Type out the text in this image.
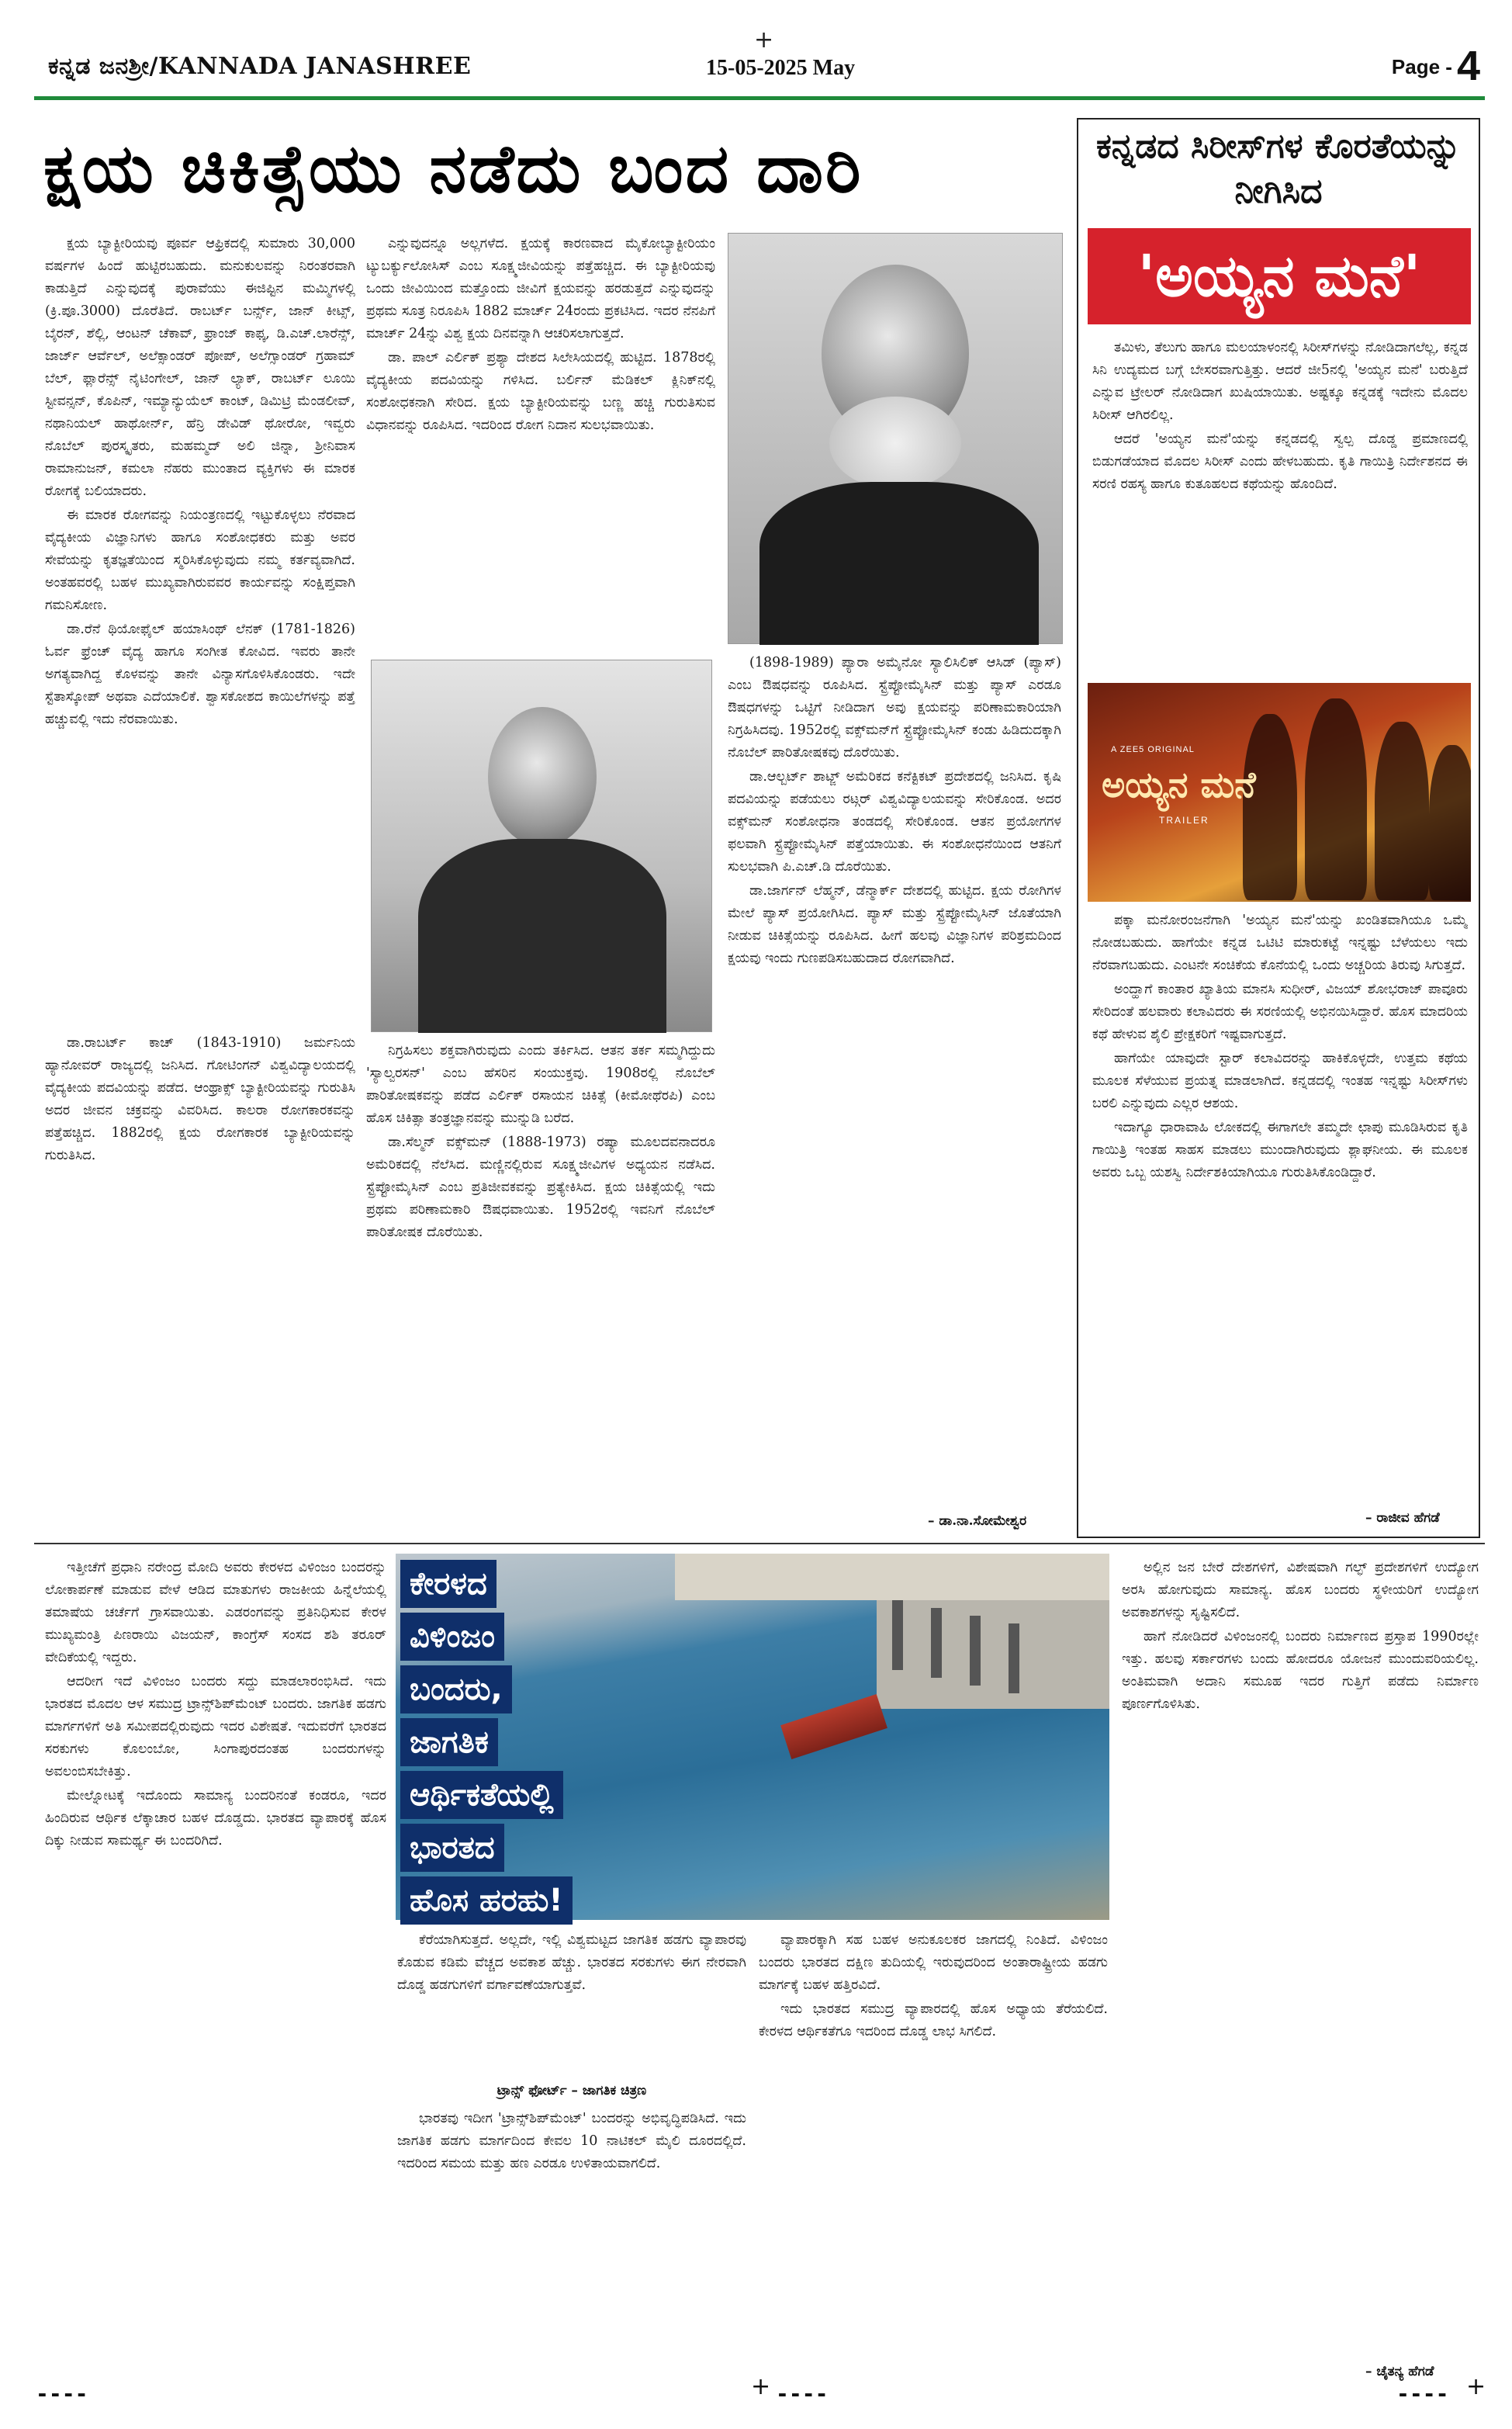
+
ಕನ್ನಡ ಜನಶ್ರೀ/KANNADA JANASHREE	15-05-2025 May	Page - 4
ಕ್ಷಯ ಚಿಕಿತ್ಸೆಯು ನಡೆದು ಬಂದ ದಾರಿ

ಕ್ಷಯ ಬ್ಯಾಕ್ಟೀರಿಯವು ಪೂರ್ವ ಆಫ್ರಿಕದಲ್ಲಿ ಸುಮಾರು 30,000 ವರ್ಷಗಳ ಹಿಂದೆ ಹುಟ್ಟಿರಬಹುದು. ಮನುಕುಲವನ್ನು ನಿರಂತರವಾಗಿ ಕಾಡುತ್ತಿದೆ ಎನ್ನುವುದಕ್ಕೆ ಪುರಾವೆಯು ಈಜಿಪ್ಟಿನ ಮಮ್ಮಿಗಳಲ್ಲಿ (ಕ್ರಿ.ಪೂ.3000) ದೊರೆತಿದೆ. ರಾಬರ್ಟ್ ಬರ್ನ್ಸ್, ಜಾನ್ ಕೀಟ್ಸ್, ಬೈರನ್, ಶೆಲ್ಲಿ, ಆಂಟನ್ ಚೆಕಾವ್, ಫ್ರಾಂಜ್ ಕಾಫ್ಕ, ಡಿ.ಎಚ್.ಲಾರೆನ್ಸ್, ಜಾರ್ಜ್ ಆರ್ವೆಲ್, ಅಲೆಕ್ಸಾಂಡರ್ ಪೋಪ್, ಅಲೆಗ್ಸಾಂಡರ್ ಗ್ರಹಾಮ್ ಬೆಲ್, ಫ್ಲಾರೆನ್ಸ್ ನೈಟಿಂಗೇಲ್, ಜಾನ್ ಲ್ಯಾಕ್, ರಾಬರ್ಟ್ ಲೂಯಿ ಸ್ಟೀವನ್ಸನ್, ಕೊಪಿನ್, ಇಮ್ಯಾನ್ಯುಯೆಲ್ ಕಾಂಟ್, ಡಿಮಿಟ್ರಿ ಮೆಂಡಲೀವ್, ನಥಾನಿಯಲ್ ಹಾಥೋರ್ನ್, ಹೆನ್ರಿ ಡೇವಿಡ್ ಥೋರೋ, ಇವ್ವರು ನೊಬೆಲ್ ಪುರಸ್ಕೃತರು, ಮಹಮ್ಮದ್ ಅಲಿ ಜಿನ್ನಾ, ಶ್ರೀನಿವಾಸ ರಾಮಾನುಜನ್, ಕಮಲಾ ನೆಹರು ಮುಂತಾದ ವ್ಯಕ್ತಿಗಳು ಈ ಮಾರಕ ರೋಗಕ್ಕೆ ಬಲಿಯಾದರು.

ಈ ಮಾರಕ ರೋಗವನ್ನು ನಿಯಂತ್ರಣದಲ್ಲಿ ಇಟ್ಟುಕೊಳ್ಳಲು ನೆರವಾದ ವೈದ್ಯಕೀಯ ವಿಜ್ಞಾನಿಗಳು ಹಾಗೂ ಸಂಶೋಧಕರು ಮತ್ತು ಅವರ ಸೇವೆಯನ್ನು ಕೃತಜ್ಞತೆಯಿಂದ ಸ್ಮರಿಸಿಕೊಳ್ಳುವುದು ನಮ್ಮ ಕರ್ತವ್ಯವಾಗಿದೆ. ಅಂತಹವರಲ್ಲಿ ಬಹಳ ಮುಖ್ಯವಾಗಿರುವವರ ಕಾರ್ಯವನ್ನು ಸಂಕ್ಷಿಪ್ತವಾಗಿ ಗಮನಿಸೋಣ.

ಡಾ.ರೆನೆ ಥಿಯೋಫೈಲ್ ಹಯಾಸಿಂಥ್ ಲೆನಕ್ (1781-1826) ಓರ್ವ ಫ್ರೆಂಚ್ ವೈದ್ಯ ಹಾಗೂ ಸಂಗೀತ ಕೋವಿದ. ಇವರು ತಾನೇ ಅಗತ್ಯವಾಗಿದ್ದ ಕೊಳವನ್ನು ತಾನೇ ವಿನ್ಯಾಸಗೊಳಿಸಿಕೊಂಡರು. ಇದೇ ಸ್ಟೆತಾಸ್ಕೋಪ್ ಅಥವಾ ಎದೆಯಾಲಿಕೆ. ಶ್ವಾಸಕೋಶದ ಕಾಯಿಲೆಗಳನ್ನು ಪತ್ತೆ ಹಚ್ಚುವಲ್ಲಿ ಇದು ನೆರವಾಯಿತು.

ಡಾ.ರಾಬರ್ಟ್ ಕಾಚ್ (1843-1910) ಜರ್ಮನಿಯ ಹ್ಯಾನೋವರ್ ರಾಜ್ಯದಲ್ಲಿ ಜನಿಸಿದ. ಗೋಟಿಂಗನ್ ವಿಶ್ವವಿದ್ಯಾಲಯದಲ್ಲಿ ವೈದ್ಯಕೀಯ ಪದವಿಯನ್ನು ಪಡೆದ. ಆಂಥ್ರಾಕ್ಸ್ ಬ್ಯಾಕ್ಟೀರಿಯವನ್ನು ಗುರುತಿಸಿ ಅದರ ಜೀವನ ಚಕ್ರವನ್ನು ವಿವರಿಸಿದ. ಕಾಲರಾ ರೋಗಕಾರಕವನ್ನು ಪತ್ತೆಹಚ್ಚಿದ. 1882ರಲ್ಲಿ ಕ್ಷಯ ರೋಗಕಾರಕ ಬ್ಯಾಕ್ಟೀರಿಯವನ್ನು ಗುರುತಿಸಿದ.

ಎನ್ನುವುದನ್ನೂ ಅಲ್ಲಗಳೆದ. ಕ್ಷಯಕ್ಕೆ ಕಾರಣವಾದ ಮೈಕೋಬ್ಯಾಕ್ಟೀರಿಯಂ ಟ್ಯುಬರ್ಕ್ಯುಲೋಸಿಸ್ ಎಂಬ ಸೂಕ್ಷ್ಮಜೀವಿಯನ್ನು ಪತ್ತೆಹಚ್ಚಿದ. ಈ ಬ್ಯಾಕ್ಟೀರಿಯವು ಒಂದು ಜೀವಿಯಿಂದ ಮತ್ತೊಂದು ಜೀವಿಗೆ ಕ್ಷಯವನ್ನು ಹರಡುತ್ತದೆ ಎನ್ನುವುದನ್ನು ಪ್ರಥಮ ಸೂತ್ರ ನಿರೂಪಿಸಿ 1882 ಮಾರ್ಚ್ 24ರಂದು ಪ್ರಕಟಿಸಿದ. ಇದರ ನೆನಪಿಗೆ ಮಾರ್ಚ್ 24ನ್ನು ವಿಶ್ವ ಕ್ಷಯ ದಿನವನ್ನಾಗಿ ಆಚರಿಸಲಾಗುತ್ತದೆ.

ಡಾ. ಪಾಲ್ ಎರ್ಲಿಕ್ ಪ್ರಶ್ಯಾ ದೇಶದ ಸಿಲೇಸಿಯದಲ್ಲಿ ಹುಟ್ಟಿದ. 1878ರಲ್ಲಿ ವೈದ್ಯಕೀಯ ಪದವಿಯನ್ನು ಗಳಿಸಿದ. ಬರ್ಲಿನ್ ಮೆಡಿಕಲ್ ಕ್ಲಿನಿಕ್‌ನಲ್ಲಿ ಸಂಶೋಧಕನಾಗಿ ಸೇರಿದ. ಕ್ಷಯ ಬ್ಯಾಕ್ಟೀರಿಯವನ್ನು ಬಣ್ಣ ಹಚ್ಚಿ ಗುರುತಿಸುವ ವಿಧಾನವನ್ನು ರೂಪಿಸಿದ. ಇದರಿಂದ ರೋಗ ನಿದಾನ ಸುಲಭವಾಯಿತು.

ನಿಗ್ರಹಿಸಲು ಶಕ್ತವಾಗಿರುವುದು ಎಂದು ತರ್ಕಿಸಿದ. ಆತನ ತರ್ಕ ಸಮ್ಮಗಿದ್ದುದು 'ಸ್ಯಾಲ್ವರಸನ್' ಎಂಬ ಹೆಸರಿನ ಸಂಯುಕ್ತವು. 1908ರಲ್ಲಿ ನೊಬೆಲ್ ಪಾರಿತೋಷಕವನ್ನು ಪಡೆದ ಎರ್ಲಿಕ್ ರಸಾಯನ ಚಿಕಿತ್ಸೆ (ಕೀಮೋಥೆರಪಿ) ಎಂಬ ಹೊಸ ಚಿಕಿತ್ಸಾ ತಂತ್ರಜ್ಞಾನವನ್ನು ಮುನ್ನುಡಿ ಬರೆದ.

ಡಾ.ಸೆಲ್ಮನ್ ವಕ್ಸ್‌ಮನ್ (1888-1973) ರಷ್ಯಾ ಮೂಲದವನಾದರೂ ಅಮೆರಿಕದಲ್ಲಿ ನೆಲೆಸಿದ. ಮಣ್ಣಿನಲ್ಲಿರುವ ಸೂಕ್ಷ್ಮಜೀವಿಗಳ ಅಧ್ಯಯನ ನಡೆಸಿದ. ಸ್ಟ್ರೆಪ್ಟೋಮೈಸಿನ್ ಎಂಬ ಪ್ರತಿಜೀವಕವನ್ನು ಪ್ರತ್ಯೇಕಿಸಿದ. ಕ್ಷಯ ಚಿಕಿತ್ಸೆಯಲ್ಲಿ ಇದು ಪ್ರಥಮ ಪರಿಣಾಮಕಾರಿ ಔಷಧವಾಯಿತು. 1952ರಲ್ಲಿ ಇವನಿಗೆ ನೊಬೆಲ್ ಪಾರಿತೋಷಕ ದೊರೆಯಿತು.

(1898-1989) ಪ್ಯಾರಾ ಅಮೈನೋ ಸ್ಯಾಲಿಸಿಲಿಕ್ ಆಸಿಡ್ (ಪ್ಯಾಸ್) ಎಂಬ ಔಷಧವನ್ನು ರೂಪಿಸಿದ. ಸ್ಟ್ರೆಪ್ಟೋಮೈಸಿನ್ ಮತ್ತು ಪ್ಯಾಸ್ ಎರಡೂ ಔಷಧಗಳನ್ನು ಒಟ್ಟಿಗೆ ನೀಡಿದಾಗ ಅವು ಕ್ಷಯವನ್ನು ಪರಿಣಾಮಕಾರಿಯಾಗಿ ನಿಗ್ರಹಿಸಿದವು. 1952ರಲ್ಲಿ ವಕ್ಸ್‌ಮನ್‌ಗೆ ಸ್ಟ್ರೆಪ್ಟೋಮೈಸಿನ್ ಕಂಡು ಹಿಡಿದುದಕ್ಕಾಗಿ ನೊಬೆಲ್ ಪಾರಿತೋಷಕವು ದೊರೆಯಿತು.

ಡಾ.ಆಲ್ಬರ್ಟ್ ಶಾಟ್ಜ್ ಅಮೆರಿಕದ ಕನೆಕ್ಟಿಕಟ್ ಪ್ರದೇಶದಲ್ಲಿ ಜನಿಸಿದ. ಕೃಷಿ ಪದವಿಯನ್ನು ಪಡೆಯಲು ರಟ್ಗರ್ ವಿಶ್ವವಿದ್ಯಾಲಯವನ್ನು ಸೇರಿಕೊಂಡ. ಅದರ ವಕ್ಸ್‌ಮನ್ ಸಂಶೋಧನಾ ತಂಡದಲ್ಲಿ ಸೇರಿಕೊಂಡ. ಆತನ ಪ್ರಯೋಗಗಳ ಫಲವಾಗಿ ಸ್ಟ್ರೆಪ್ಟೋಮೈಸಿನ್ ಪತ್ತೆಯಾಯಿತು. ಈ ಸಂಶೋಧನೆಯಿಂದ ಆತನಿಗೆ ಸುಲಭವಾಗಿ ಪಿ.ಎಚ್.ಡಿ ದೊರೆಯಿತು.

ಡಾ.ಜಾರ್ಗನ್ ಲೆಹ್ಮನ್, ಡೆನ್ಮಾರ್ಕ್ ದೇಶದಲ್ಲಿ ಹುಟ್ಟಿದ. ಕ್ಷಯ ರೋಗಿಗಳ ಮೇಲೆ ಪ್ಯಾಸ್ ಪ್ರಯೋಗಿಸಿದ. ಪ್ಯಾಸ್ ಮತ್ತು ಸ್ಟ್ರೆಪ್ಟೋಮೈಸಿನ್ ಜೊತೆಯಾಗಿ ನೀಡುವ ಚಿಕಿತ್ಸೆಯನ್ನು ರೂಪಿಸಿದ. ಹೀಗೆ ಹಲವು ವಿಜ್ಞಾನಿಗಳ ಪರಿಶ್ರಮದಿಂದ ಕ್ಷಯವು ಇಂದು ಗುಣಪಡಿಸಬಹುದಾದ ರೋಗವಾಗಿದೆ.

– ಡಾ.ನಾ.ಸೋಮೇಶ್ವರ
ಕನ್ನಡದ ಸಿರೀಸ್‌ಗಳ ಕೊರತೆಯನ್ನು ನೀಗಿಸಿದ
'ಅಯ್ಯನ ಮನೆ'

ತಮಿಳು, ತೆಲುಗು ಹಾಗೂ ಮಲಯಾಳಂನಲ್ಲಿ ಸಿರೀಸ್‌ಗಳನ್ನು ನೋಡಿದಾಗಲೆಲ್ಲ, ಕನ್ನಡ ಸಿನಿ ಉದ್ಯಮದ ಬಗ್ಗೆ ಬೇಸರವಾಗುತ್ತಿತ್ತು. ಆದರೆ ಜೀ5ನಲ್ಲಿ 'ಅಯ್ಯನ ಮನೆ' ಬರುತ್ತಿದೆ ಎನ್ನುವ ಟ್ರೇಲರ್ ನೋಡಿದಾಗ ಖುಷಿಯಾಯಿತು. ಅಷ್ಟಕ್ಕೂ ಕನ್ನಡಕ್ಕೆ ಇದೇನು ಮೊದಲ ಸಿರೀಸ್ ಆಗಿರಲಿಲ್ಲ.

ಆದರೆ 'ಅಯ್ಯನ ಮನೆ'ಯನ್ನು ಕನ್ನಡದಲ್ಲಿ ಸ್ವಲ್ಪ ದೊಡ್ಡ ಪ್ರಮಾಣದಲ್ಲಿ ಬಿಡುಗಡೆಯಾದ ಮೊದಲ ಸಿರೀಸ್ ಎಂದು ಹೇಳಬಹುದು. ಕೃತಿ ಗಾಯಿತ್ರಿ ನಿರ್ದೇಶನದ ಈ ಸರಣಿ ರಹಸ್ಯ ಹಾಗೂ ಕುತೂಹಲದ ಕಥೆಯನ್ನು ಹೊಂದಿದೆ.

A ZEE5 ORIGINAL
ಅಯ್ಯನ ಮನೆ
TRAILER

ಪಕ್ಕಾ ಮನೋರಂಜನೆಗಾಗಿ 'ಅಯ್ಯನ ಮನೆ'ಯನ್ನು ಖಂಡಿತವಾಗಿಯೂ ಒಮ್ಮೆ ನೋಡಬಹುದು. ಹಾಗೆಯೇ ಕನ್ನಡ ಒಟಿಟಿ ಮಾರುಕಟ್ಟೆ ಇನ್ನಷ್ಟು ಬೆಳೆಯಲು ಇದು ನೆರವಾಗಬಹುದು. ಎಂಟನೇ ಸಂಚಿಕೆಯ ಕೊನೆಯಲ್ಲಿ ಒಂದು ಅಚ್ಚರಿಯ ತಿರುವು ಸಿಗುತ್ತದೆ.

ಅಂದ್ಹಾಗೆ ಕಾಂತಾರ ಖ್ಯಾತಿಯ ಮಾನಸಿ ಸುಧೀರ್, ವಿಜಯ್ ಶೋಭರಾಜ್ ಪಾವೂರು ಸೇರಿದಂತೆ ಹಲವಾರು ಕಲಾವಿದರು ಈ ಸರಣಿಯಲ್ಲಿ ಅಭಿನಯಿಸಿದ್ದಾರೆ. ಹೊಸ ಮಾದರಿಯ ಕಥೆ ಹೇಳುವ ಶೈಲಿ ಪ್ರೇಕ್ಷಕರಿಗೆ ಇಷ್ಟವಾಗುತ್ತದೆ.

ಹಾಗೆಯೇ ಯಾವುದೇ ಸ್ಟಾರ್ ಕಲಾವಿದರನ್ನು ಹಾಕಿಕೊಳ್ಳದೇ, ಉತ್ತಮ ಕಥೆಯ ಮೂಲಕ ಸೆಳೆಯುವ ಪ್ರಯತ್ನ ಮಾಡಲಾಗಿದೆ. ಕನ್ನಡದಲ್ಲಿ ಇಂತಹ ಇನ್ನಷ್ಟು ಸಿರೀಸ್‌ಗಳು ಬರಲಿ ಎನ್ನುವುದು ಎಲ್ಲರ ಆಶಯ.

ಇದಾಗ್ಯೂ ಧಾರಾವಾಹಿ ಲೋಕದಲ್ಲಿ ಈಗಾಗಲೇ ತಮ್ಮದೇ ಛಾಪು ಮೂಡಿಸಿರುವ ಕೃತಿ ಗಾಯಿತ್ರಿ ಇಂತಹ ಸಾಹಸ ಮಾಡಲು ಮುಂದಾಗಿರುವುದು ಶ್ಲಾಘನೀಯ. ಈ ಮೂಲಕ ಅವರು ಒಬ್ಬ ಯಶಸ್ವಿ ನಿರ್ದೇಶಕಿಯಾಗಿಯೂ ಗುರುತಿಸಿಕೊಂಡಿದ್ದಾರೆ.

– ರಾಜೀವ ಹೆಗಡೆ

ಇತ್ತೀಚೆಗೆ ಪ್ರಧಾನಿ ನರೇಂದ್ರ ಮೋದಿ ಅವರು ಕೇರಳದ ವಿಳಿಂಜಂ ಬಂದರನ್ನು ಲೋಕಾರ್ಪಣೆ ಮಾಡುವ ವೇಳೆ ಆಡಿದ ಮಾತುಗಳು ರಾಜಕೀಯ ಹಿನ್ನೆಲೆಯಲ್ಲಿ ತಮಾಷೆಯ ಚರ್ಚೆಗೆ ಗ್ರಾಸವಾಯಿತು. ಎಡರಂಗವನ್ನು ಪ್ರತಿನಿಧಿಸುವ ಕೇರಳ ಮುಖ್ಯಮಂತ್ರಿ ಪಿಣರಾಯಿ ವಿಜಯನ್, ಕಾಂಗ್ರೆಸ್ ಸಂಸದ ಶಶಿ ತರೂರ್ ವೇದಿಕೆಯಲ್ಲಿ ಇದ್ದರು.

ಆದರೀಗ ಇದೆ ವಿಳಿಂಜಂ ಬಂದರು ಸದ್ದು ಮಾಡಲಾರಂಭಿಸಿದೆ. ಇದು ಭಾರತದ ಮೊದಲ ಆಳ ಸಮುದ್ರ ಟ್ರಾನ್ಸ್‌ಶಿಪ್‌ಮೆಂಟ್ ಬಂದರು. ಜಾಗತಿಕ ಹಡಗು ಮಾರ್ಗಗಳಿಗೆ ಅತಿ ಸಮೀಪದಲ್ಲಿರುವುದು ಇದರ ವಿಶೇಷತೆ. ಇದುವರೆಗೆ ಭಾರತದ ಸರಕುಗಳು ಕೊಲಂಬೋ, ಸಿಂಗಾಪುರದಂತಹ ಬಂದರುಗಳನ್ನು ಅವಲಂಬಿಸಬೇಕಿತ್ತು.

ಮೇಲ್ನೋಟಕ್ಕೆ ಇದೊಂದು ಸಾಮಾನ್ಯ ಬಂದರಿನಂತೆ ಕಂಡರೂ, ಇದರ ಹಿಂದಿರುವ ಆರ್ಥಿಕ ಲೆಕ್ಕಾಚಾರ ಬಹಳ ದೊಡ್ಡದು. ಭಾರತದ ವ್ಯಾಪಾರಕ್ಕೆ ಹೊಸ ದಿಕ್ಕು ನೀಡುವ ಸಾಮರ್ಥ್ಯ ಈ ಬಂದರಿಗಿದೆ.

ಕೇರಳದ
ವಿಳಿಂಜಂ
ಬಂದರು,
ಜಾಗತಿಕ
ಆರ್ಥಿಕತೆಯಲ್ಲಿ
ಭಾರತದ
ಹೊಸ ಹರಹು!

ಕೆರೆಯಾಗಿಸುತ್ತದೆ. ಅಲ್ಲದೇ, ಇಲ್ಲಿ ವಿಶ್ವಮಟ್ಟದ ಜಾಗತಿಕ ಹಡಗು ವ್ಯಾಪಾರವು ಕೊಡುವ ಕಡಿಮೆ ವೆಚ್ಚದ ಅವಕಾಶ ಹೆಚ್ಚು. ಭಾರತದ ಸರಕುಗಳು ಈಗ ನೇರವಾಗಿ ದೊಡ್ಡ ಹಡಗುಗಳಿಗೆ ವರ್ಗಾವಣೆಯಾಗುತ್ತವೆ.

ಟ್ರಾನ್ಸ್ ಫೋರ್ಟ್ – ಜಾಗತಿಕ ಚಿತ್ರಣ

ಭಾರತವು ಇದೀಗ 'ಟ್ರಾನ್ಸ್‌ಶಿಪ್‌ಮೆಂಟ್' ಬಂದರನ್ನು ಅಭಿವೃದ್ಧಿಪಡಿಸಿದೆ. ಇದು ಜಾಗತಿಕ ಹಡಗು ಮಾರ್ಗದಿಂದ ಕೇವಲ 10 ನಾಟಿಕಲ್ ಮೈಲಿ ದೂರದಲ್ಲಿದೆ. ಇದರಿಂದ ಸಮಯ ಮತ್ತು ಹಣ ಎರಡೂ ಉಳಿತಾಯವಾಗಲಿದೆ.

ವ್ಯಾಪಾರಕ್ಕಾಗಿ ಸಹ ಬಹಳ ಅನುಕೂಲಕರ ಜಾಗದಲ್ಲಿ ನಿಂತಿದೆ. ವಿಳಿಂಜಂ ಬಂದರು ಭಾರತದ ದಕ್ಷಿಣ ತುದಿಯಲ್ಲಿ ಇರುವುದರಿಂದ ಅಂತಾರಾಷ್ಟ್ರೀಯ ಹಡಗು ಮಾರ್ಗಕ್ಕೆ ಬಹಳ ಹತ್ತಿರವಿದೆ.

ಇದು ಭಾರತದ ಸಮುದ್ರ ವ್ಯಾಪಾರದಲ್ಲಿ ಹೊಸ ಅಧ್ಯಾಯ ತೆರೆಯಲಿದೆ. ಕೇರಳದ ಆರ್ಥಿಕತೆಗೂ ಇದರಿಂದ ದೊಡ್ಡ ಲಾಭ ಸಿಗಲಿದೆ.

ಅಲ್ಲಿನ ಜನ ಬೇರೆ ದೇಶಗಳಿಗೆ, ವಿಶೇಷವಾಗಿ ಗಲ್ಫ್ ಪ್ರದೇಶಗಳಿಗೆ ಉದ್ಯೋಗ ಅರಸಿ ಹೋಗುವುದು ಸಾಮಾನ್ಯ. ಹೊಸ ಬಂದರು ಸ್ಥಳೀಯರಿಗೆ ಉದ್ಯೋಗ ಅವಕಾಶಗಳನ್ನು ಸೃಷ್ಟಿಸಲಿದೆ.

ಹಾಗೆ ನೋಡಿದರೆ ವಿಳಿಂಜಂನಲ್ಲಿ ಬಂದರು ನಿರ್ಮಾಣದ ಪ್ರಸ್ತಾಪ 1990ರಲ್ಲೇ ಇತ್ತು. ಹಲವು ಸರ್ಕಾರಗಳು ಬಂದು ಹೋದರೂ ಯೋಜನೆ ಮುಂದುವರಿಯಲಿಲ್ಲ. ಅಂತಿಮವಾಗಿ ಅದಾನಿ ಸಮೂಹ ಇದರ ಗುತ್ತಿಗೆ ಪಡೆದು ನಿರ್ಮಾಣ ಪೂರ್ಣಗೊಳಿಸಿತು.

– ಚೈತನ್ಯ ಹೆಗಡೆ
----	+ ----	---- +
